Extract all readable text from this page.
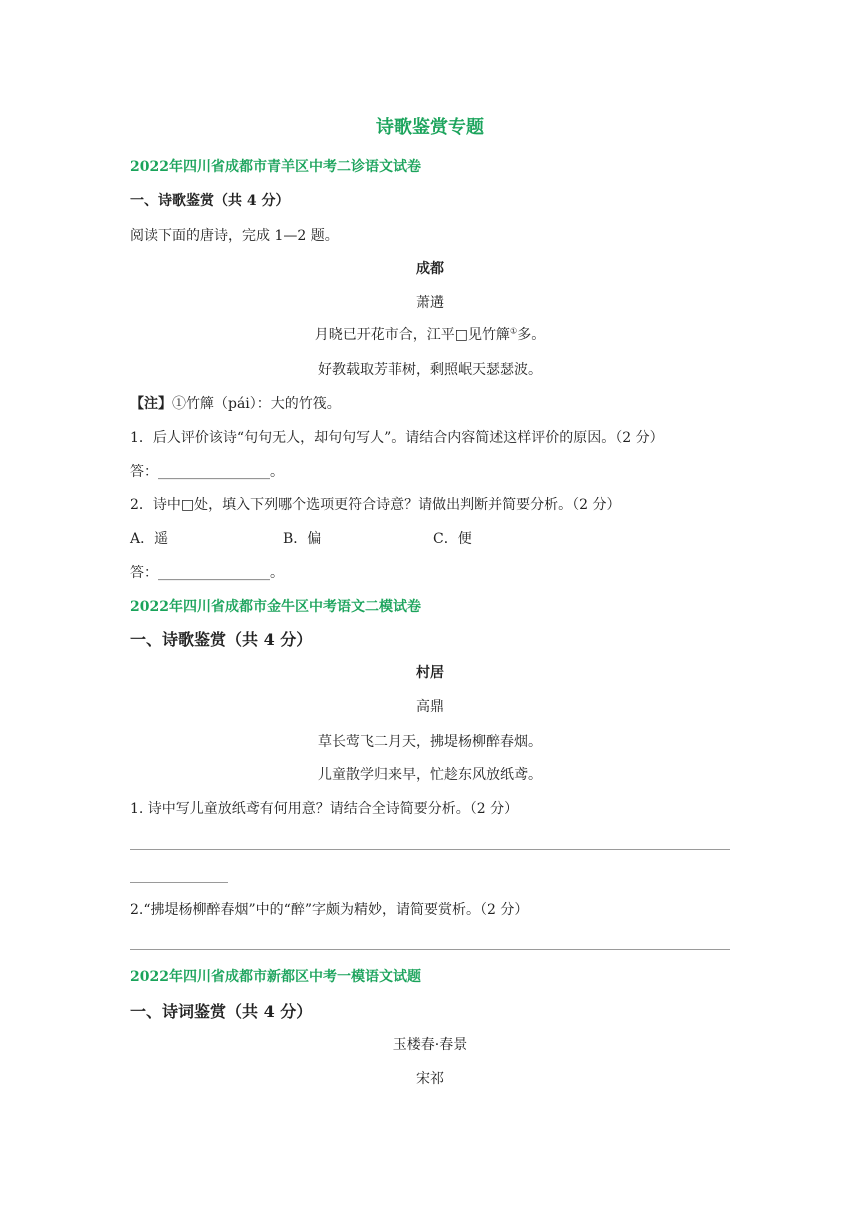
诗歌鉴赏专题
2022年四川省成都市青羊区中考二诊语文试卷
一、诗歌鉴赏（共 4 分）
阅读下面的唐诗，完成 1—2 题。
成都
萧遘
月晓已开花市合，江平□见竹簰①多。
好教载取芳菲树，剩照岷天瑟瑟波。
【注】①竹簰（pái）：大的竹筏。
1．后人评价该诗“句句无人，却句句写人”。请结合内容简述这样评价的原因。（2 分）
答：________________。
2．诗中□处，填入下列哪个选项更符合诗意？请做出判断并简要分析。（2 分）
A．遥	B．偏	C．便
答：________________。
2022年四川省成都市金牛区中考语文二模试卷
一、诗歌鉴赏（共 4 分）
村居
高鼎
草长莺飞二月天，拂堤杨柳醉春烟。
儿童散学归来早，忙趁东风放纸鸢。
1. 诗中写儿童放纸鸢有何用意？请结合全诗简要分析。（2 分）
2.“拂堤杨柳醉春烟”中的“醉”字颇为精妙，请简要赏析。（2 分）
2022年四川省成都市新都区中考一模语文试题
一、诗词鉴赏（共 4 分）
玉楼春·春景
宋祁
